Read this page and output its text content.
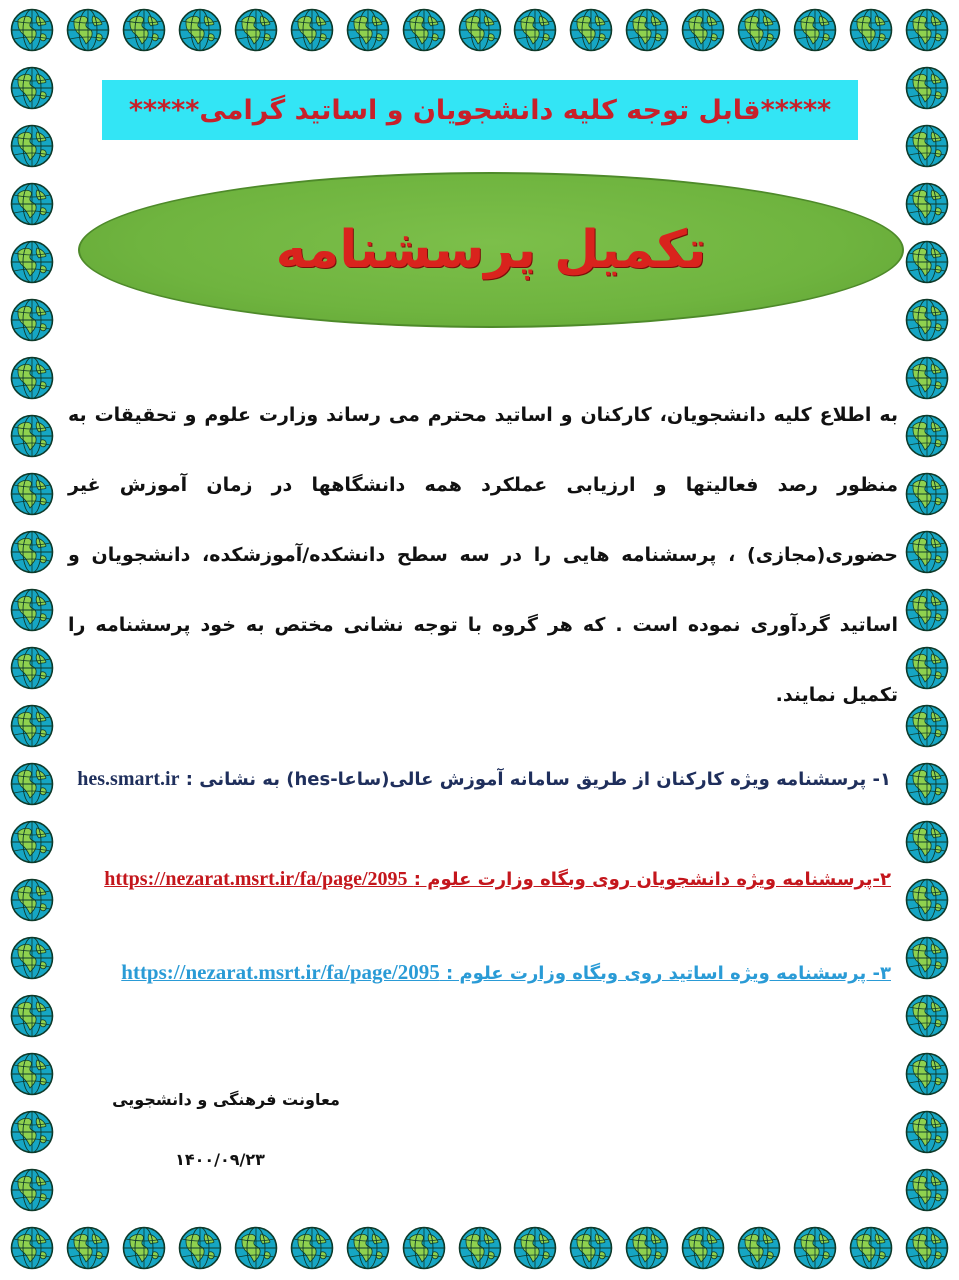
*****قابل توجه کلیه دانشجویان و اساتید گرامی*****
تکمیل پرسشنامه
به اطلاع کلیه دانشجویان، کارکنان و اساتید محترم می رساند وزارت علوم و تحقیقات به منظور رصد فعالیتها و ارزیابی عملکرد همه دانشگاهها در زمان آموزش غیر حضوری(مجازی) ، پرسشنامه هایی را در سه سطح دانشکده/آموزشکده، دانشجویان و اساتید گردآوری نموده است . که هر گروه با توجه نشانی مختص به خود پرسشنامه را تکمیل نمایند.
۱- پرسشنامه ویژه کارکنان از طریق سامانه آموزش عالی(ساعا-hes) به نشانی : hes.smart.ir
۲-پرسشنامه ویژه دانشجویان روی وبگاه وزارت علوم : https://nezarat.msrt.ir/fa/page/2095
۳- پرسشنامه ویژه اساتید روی وبگاه وزارت علوم : https://nezarat.msrt.ir/fa/page/2095
معاونت فرهنگی و دانشجویی
۱۴۰۰/۰۹/۲۳
